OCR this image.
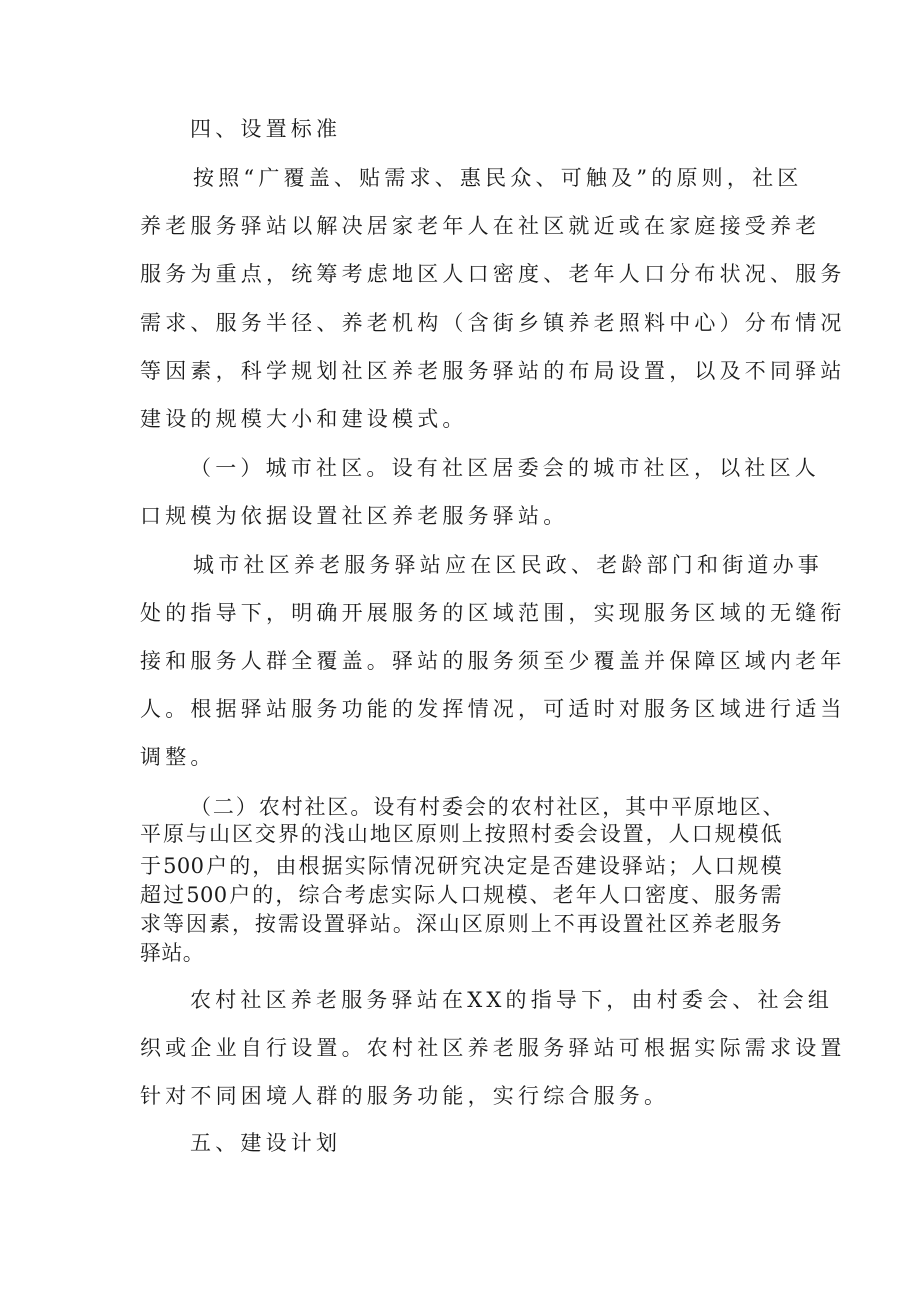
四、设置标准
按照“广覆盖、贴需求、惠民众、可触及”的原则，社区
养老服务驿站以解决居家老年人在社区就近或在家庭接受养老
服务为重点，统筹考虑地区人口密度、老年人口分布状况、服务
需求、服务半径、养老机构（含街乡镇养老照料中心）分布情况
等因素，科学规划社区养老服务驿站的布局设置，以及不同驿站
建设的规模大小和建设模式。
（一）城市社区。设有社区居委会的城市社区，以社区人
口规模为依据设置社区养老服务驿站。
城市社区养老服务驿站应在区民政、老龄部门和街道办事
处的指导下，明确开展服务的区域范围，实现服务区域的无缝衔
接和服务人群全覆盖。驿站的服务须至少覆盖并保障区域内老年
人。根据驿站服务功能的发挥情况，可适时对服务区域进行适当
调整。
（二）农村社区。设有村委会的农村社区，其中平原地区、
平原与山区交界的浅山地区原则上按照村委会设置，人口规模低
于500户的，由根据实际情况研究决定是否建设驿站；人口规模
超过500户的，综合考虑实际人口规模、老年人口密度、服务需
求等因素，按需设置驿站。深山区原则上不再设置社区养老服务
驿站。
农村社区养老服务驿站在XX的指导下，由村委会、社会组
织或企业自行设置。农村社区养老服务驿站可根据实际需求设置
针对不同困境人群的服务功能，实行综合服务。
五、建设计划
